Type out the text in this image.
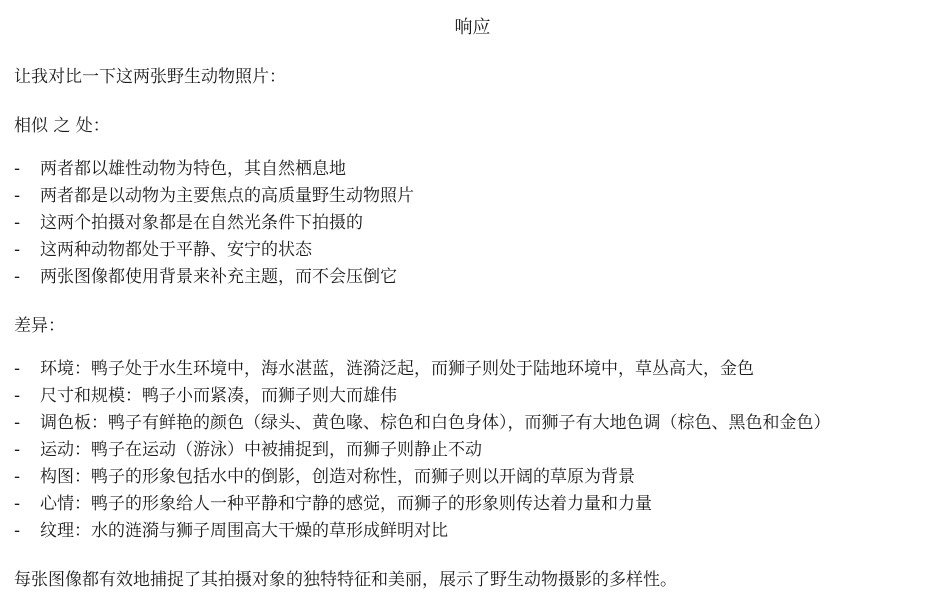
响应

让我对比一下这两张野生动物照片：

相似 之 处：

-	两者都以雄性动物为特色，其自然栖息地
-	两者都是以动物为主要焦点的高质量野生动物照片
-	这两个拍摄对象都是在自然光条件下拍摄的
-	这两种动物都处于平静、安宁的状态
-	两张图像都使用背景来补充主题，而不会压倒它

差异：

-	环境：鸭子处于水生环境中，海水湛蓝，涟漪泛起，而狮子则处于陆地环境中，草丛高大，金色
-	尺寸和规模：鸭子小而紧凑，而狮子则大而雄伟
-	调色板：鸭子有鲜艳的颜色（绿头、黄色喙、棕色和白色身体），而狮子有大地色调（棕色、黑色和金色）
-	运动：鸭子在运动（游泳）中被捕捉到，而狮子则静止不动
-	构图：鸭子的形象包括水中的倒影，创造对称性，而狮子则以开阔的草原为背景
-	心情：鸭子的形象给人一种平静和宁静的感觉，而狮子的形象则传达着力量和力量
-	纹理：水的涟漪与狮子周围高大干燥的草形成鲜明对比

每张图像都有效地捕捉了其拍摄对象的独特特征和美丽，展示了野生动物摄影的多样性。
